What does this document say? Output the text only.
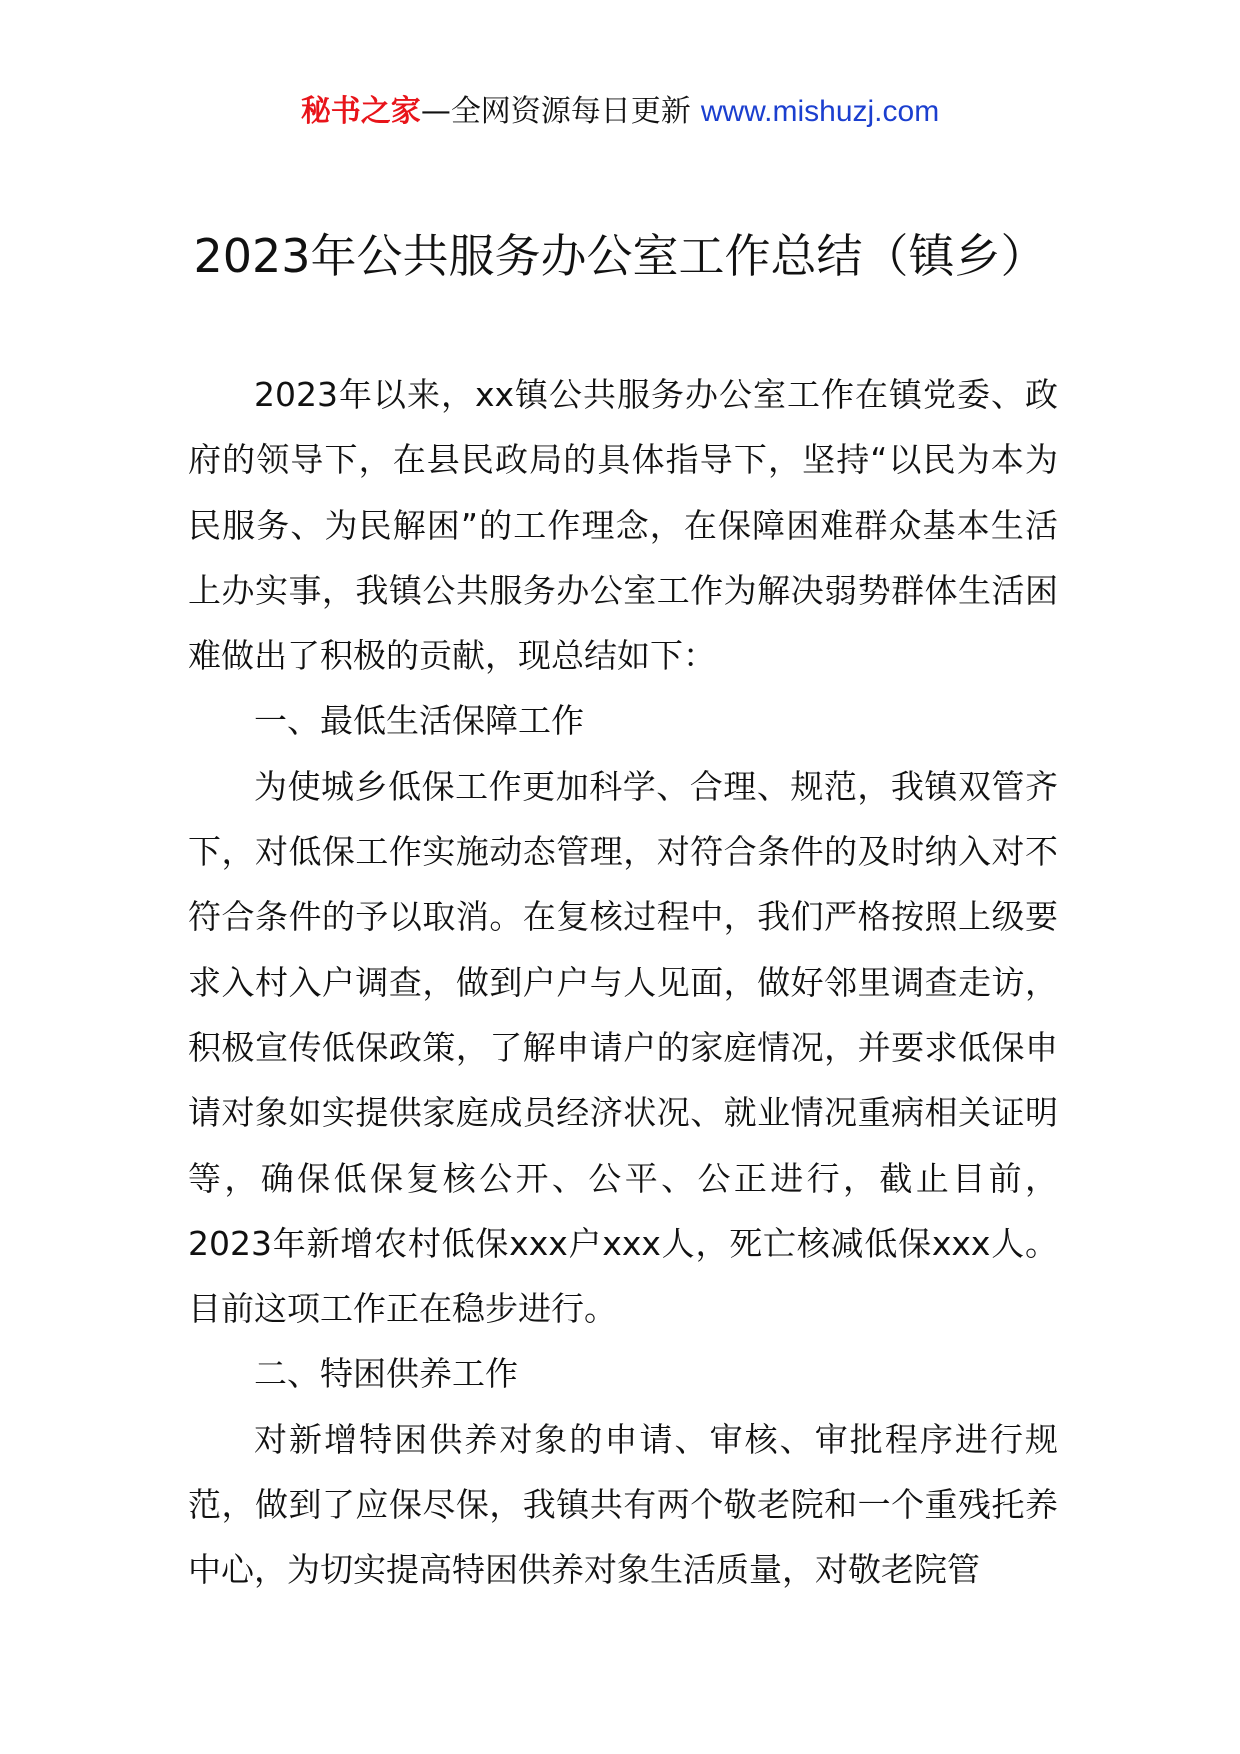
秘书之家—全网资源每日更新 www.mishuzj.com
2023年公共服务办公室工作总结（镇乡）

2023年以来，xx镇公共服务办公室工作在镇党委、政府的领导下，在县民政局的具体指导下，坚持“以民为本为民服务、为民解困”的工作理念，在保障困难群众基本生活上办实事，我镇公共服务办公室工作为解决弱势群体生活困难做出了积极的贡献，现总结如下：

一、最低生活保障工作

为使城乡低保工作更加科学、合理、规范，我镇双管齐下，对低保工作实施动态管理，对符合条件的及时纳入对不符合条件的予以取消。在复核过程中，我们严格按照上级要求入村入户调查，做到户户与人见面，做好邻里调查走访，积极宣传低保政策，了解申请户的家庭情况，并要求低保申请对象如实提供家庭成员经济状况、就业情况重病相关证明等，确保低保复核公开、公平、公正进行，截止目前，2023年新增农村低保xxx户xxx人，死亡核减低保xxx人。目前这项工作正在稳步进行。

二、特困供养工作

对新增特困供养对象的申请、审核、审批程序进行规范，做到了应保尽保，我镇共有两个敬老院和一个重残托养中心，为切实提高特困供养对象生活质量，对敬老院管
